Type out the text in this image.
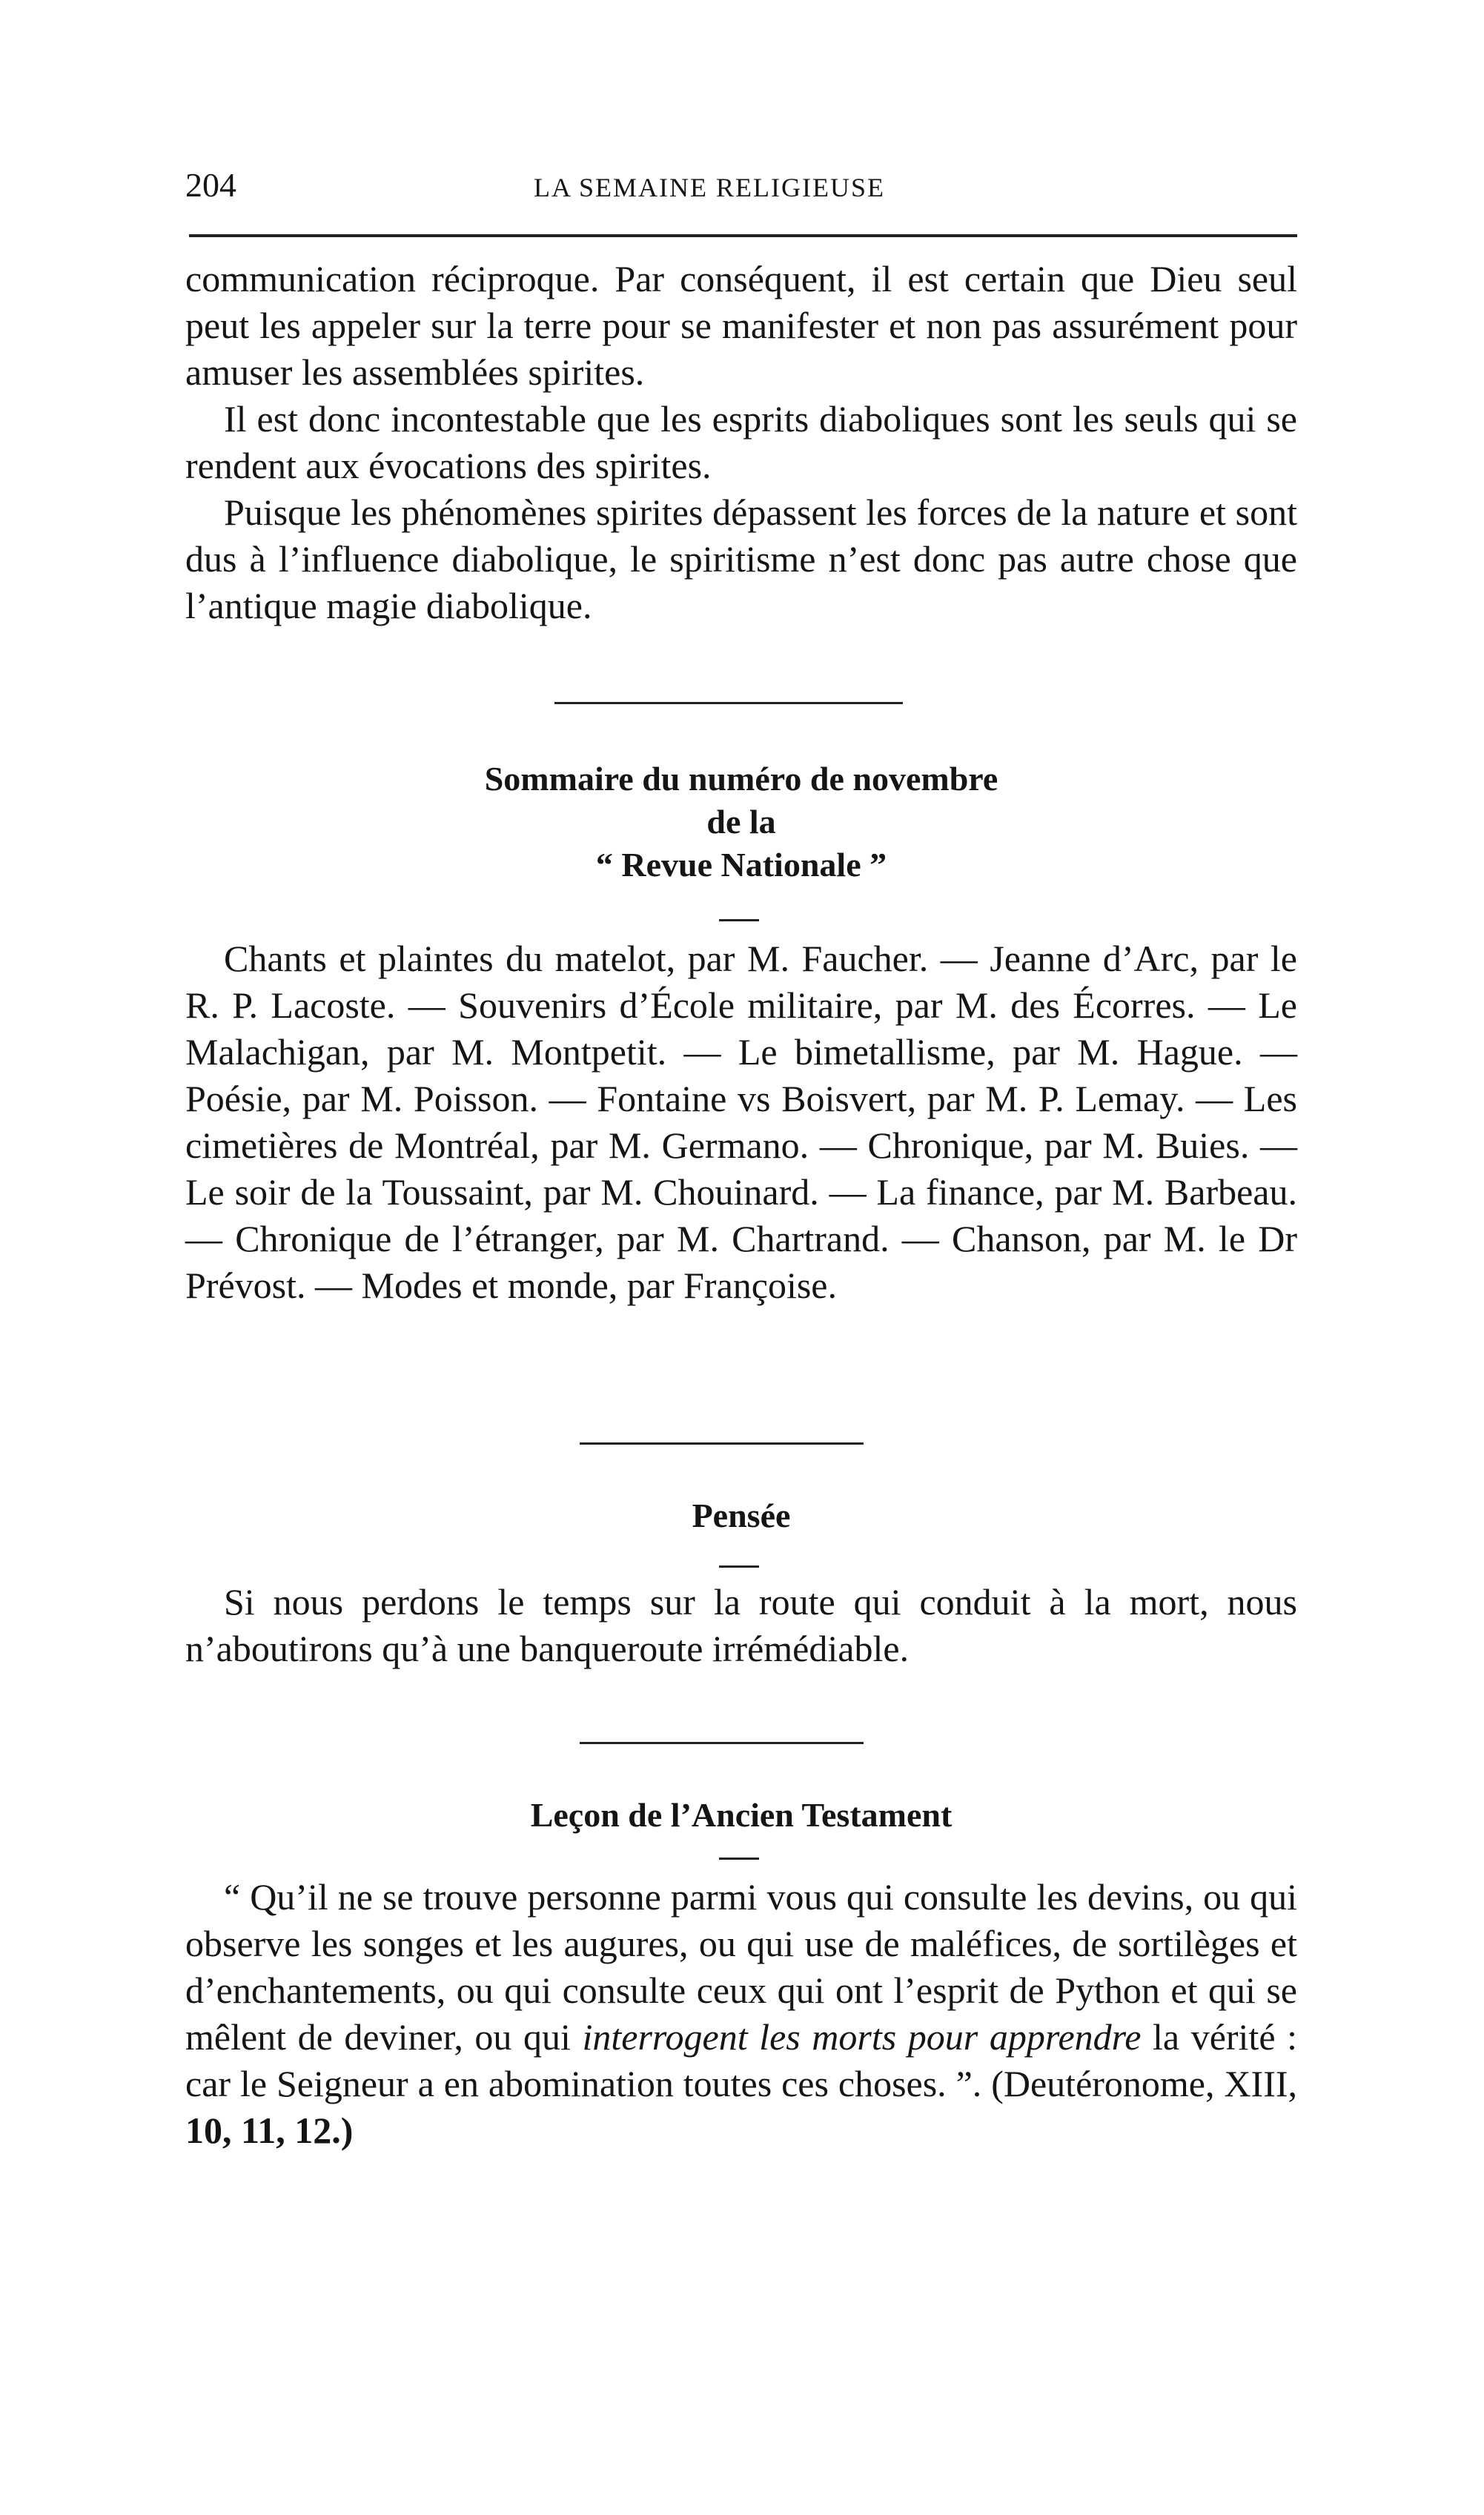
204	LA SEMAINE RELIGIEUSE

communication réciproque. Par conséquent, il est certain que Dieu seul peut les appeler sur la terre pour se manifester et non pas assurément pour amuser les assemblées spirites.

Il est donc incontestable que les esprits diaboliques sont les seuls qui se rendent aux évocations des spirites.

Puisque les phénomènes spirites dépassent les forces de la nature et sont dus à l’influence diabolique, le spiritisme n’est donc pas autre chose que l’antique magie diabolique.

Sommaire du numéro de novembre
de la
“ Revue Nationale ”

Chants et plaintes du matelot, par M. Faucher. — Jeanne d’Arc, par le R. P. Lacoste. — Souvenirs d’École militaire, par M. des Écorres. — Le Malachigan, par M. Montpetit. — Le bimetallisme, par M. Hague. — Poésie, par M. Poisson. — Fontaine vs Boisvert, par M. P. Lemay. — Les cimetières de Montréal, par M. Germano. — Chronique, par M. Buies. — Le soir de la Toussaint, par M. Chouinard. — La finance, par M. Barbeau. — Chronique de l’étranger, par M. Chartrand. — Chanson, par M. le Dr Prévost. — Modes et monde, par Françoise.

Pensée

Si nous perdons le temps sur la route qui conduit à la mort, nous n’aboutirons qu’à une banqueroute irrémédiable.

Leçon de l’Ancien Testament

“ Qu’il ne se trouve personne parmi vous qui consulte les devins, ou qui observe les songes et les augures, ou qui use de maléfices, de sortilèges et d’enchantements, ou qui consulte ceux qui ont l’esprit de Python et qui se mêlent de deviner, ou qui interrogent les morts pour apprendre la vérité : car le Seigneur a en abomination toutes ces choses. ”. (Deutéronome, XIII, 10, 11, 12.)
